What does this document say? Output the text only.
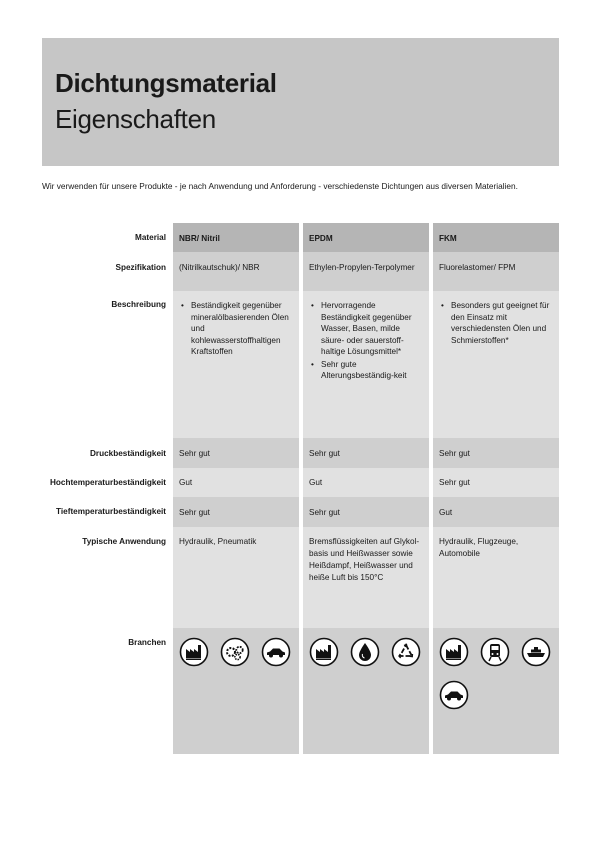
Dichtungsmaterial
Eigenschaften
Wir verwenden für unsere Produkte - je nach Anwendung und Anforderung - verschiedenste Dichtungen aus diversen Materialien.
Material
Spezifikation
Beschreibung
Druckbeständigkeit
Hochtemperaturbeständigkeit
Tieftemperaturbeständigkeit
Typische Anwendung
Branchen
NBR/ Nitril
(Nitrilkautschuk)/ NBR
• Beständigkeit gegenüber mineralölbasierenden Ölen und kohlewasserstoffhaltigen Kraftstoffen
Sehr gut
Gut
Sehr gut
Hydraulik, Pneumatik
EPDM
Ethylen-Propylen-Terpolymer
• Hervorragende Beständigkeit gegenüber Wasser, Basen, milde säure- oder sauerstoff-haltige Lösungsmittel*
• Sehr gute Alterungsbeständig-keit
Sehr gut
Gut
Sehr gut
Bremsflüssigkeiten auf Glykol-basis und Heißwasser sowie Heißdampf, Heißwasser und heiße Luft bis 150°C
FKM
Fluorelastomer/ FPM
• Besonders gut geeignet für den Einsatz mit verschiedensten Ölen und Schmierstoffen*
Sehr gut
Sehr gut
Gut
Hydraulik, Flugzeuge, Automobile
